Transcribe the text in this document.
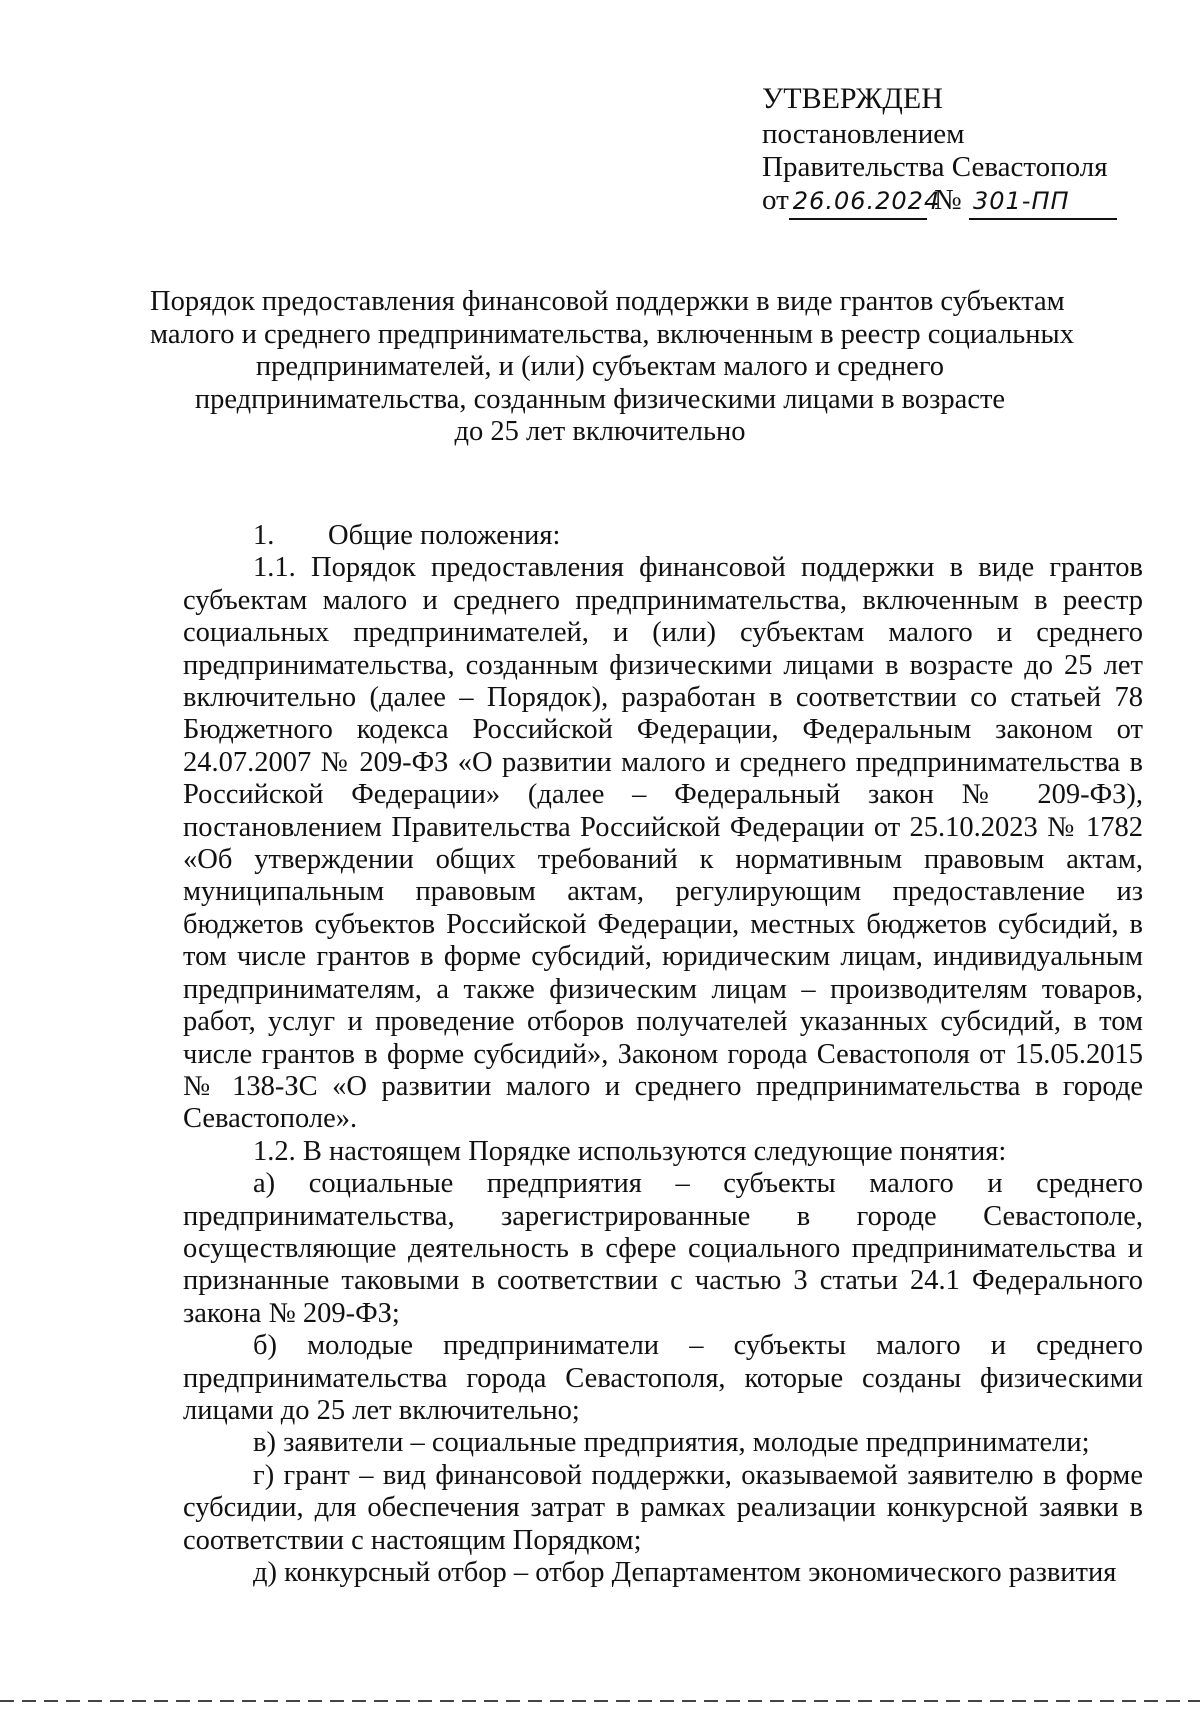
УТВЕРЖДЕН
постановлением
Правительства Севастополя
от 26.06.2024 № 301-ПП
Порядок предоставления финансовой поддержки в виде грантов субъектам
малого и среднего предпринимательства, включенным в реестр социальных
предпринимателей, и (или) субъектам малого и среднего
предпринимательства, созданным физическими лицами в возрасте
до 25 лет включительно

1. Общие положения:

1.1. Порядок предоставления финансовой поддержки в виде грантов субъектам малого и среднего предпринимательства, включенным в реестр социальных предпринимателей, и (или) субъектам малого и среднего предпринимательства, созданным физическими лицами в возрасте до 25 лет включительно (далее – Порядок), разработан в соответствии со статьей 78 Бюджетного кодекса Российской Федерации, Федеральным законом от 24.07.2007 № 209-ФЗ «О развитии малого и среднего предпринимательства в Российской Федерации» (далее – Федеральный закон № 209-ФЗ), постановлением Правительства Российской Федерации от 25.10.2023 № 1782 «Об утверждении общих требований к нормативным правовым актам, муниципальным правовым актам, регулирующим предоставление из бюджетов субъектов Российской Федерации, местных бюджетов субсидий, в том числе грантов в форме субсидий, юридическим лицам, индивидуальным предпринимателям, а также физическим лицам – производителям товаров, работ, услуг и проведение отборов получателей указанных субсидий, в том числе грантов в форме субсидий», Законом города Севастополя от 15.05.2015 № 138-ЗС «О развитии малого и среднего предпринимательства в городе Севастополе».

1.2. В настоящем Порядке используются следующие понятия:

а) социальные предприятия – субъекты малого и среднего предпринимательства, зарегистрированные в городе Севастополе, осуществляющие деятельность в сфере социального предпринимательства и признанные таковыми в соответствии с частью 3 статьи 24.1 Федерального закона № 209-ФЗ;

б) молодые предприниматели – субъекты малого и среднего предпринимательства города Севастополя, которые созданы физическими лицами до 25 лет включительно;

в) заявители – социальные предприятия, молодые предприниматели;

г) грант – вид финансовой поддержки, оказываемой заявителю в форме субсидии, для обеспечения затрат в рамках реализации конкурсной заявки в соответствии с настоящим Порядком;

д) конкурсный отбор – отбор Департаментом экономического развития
